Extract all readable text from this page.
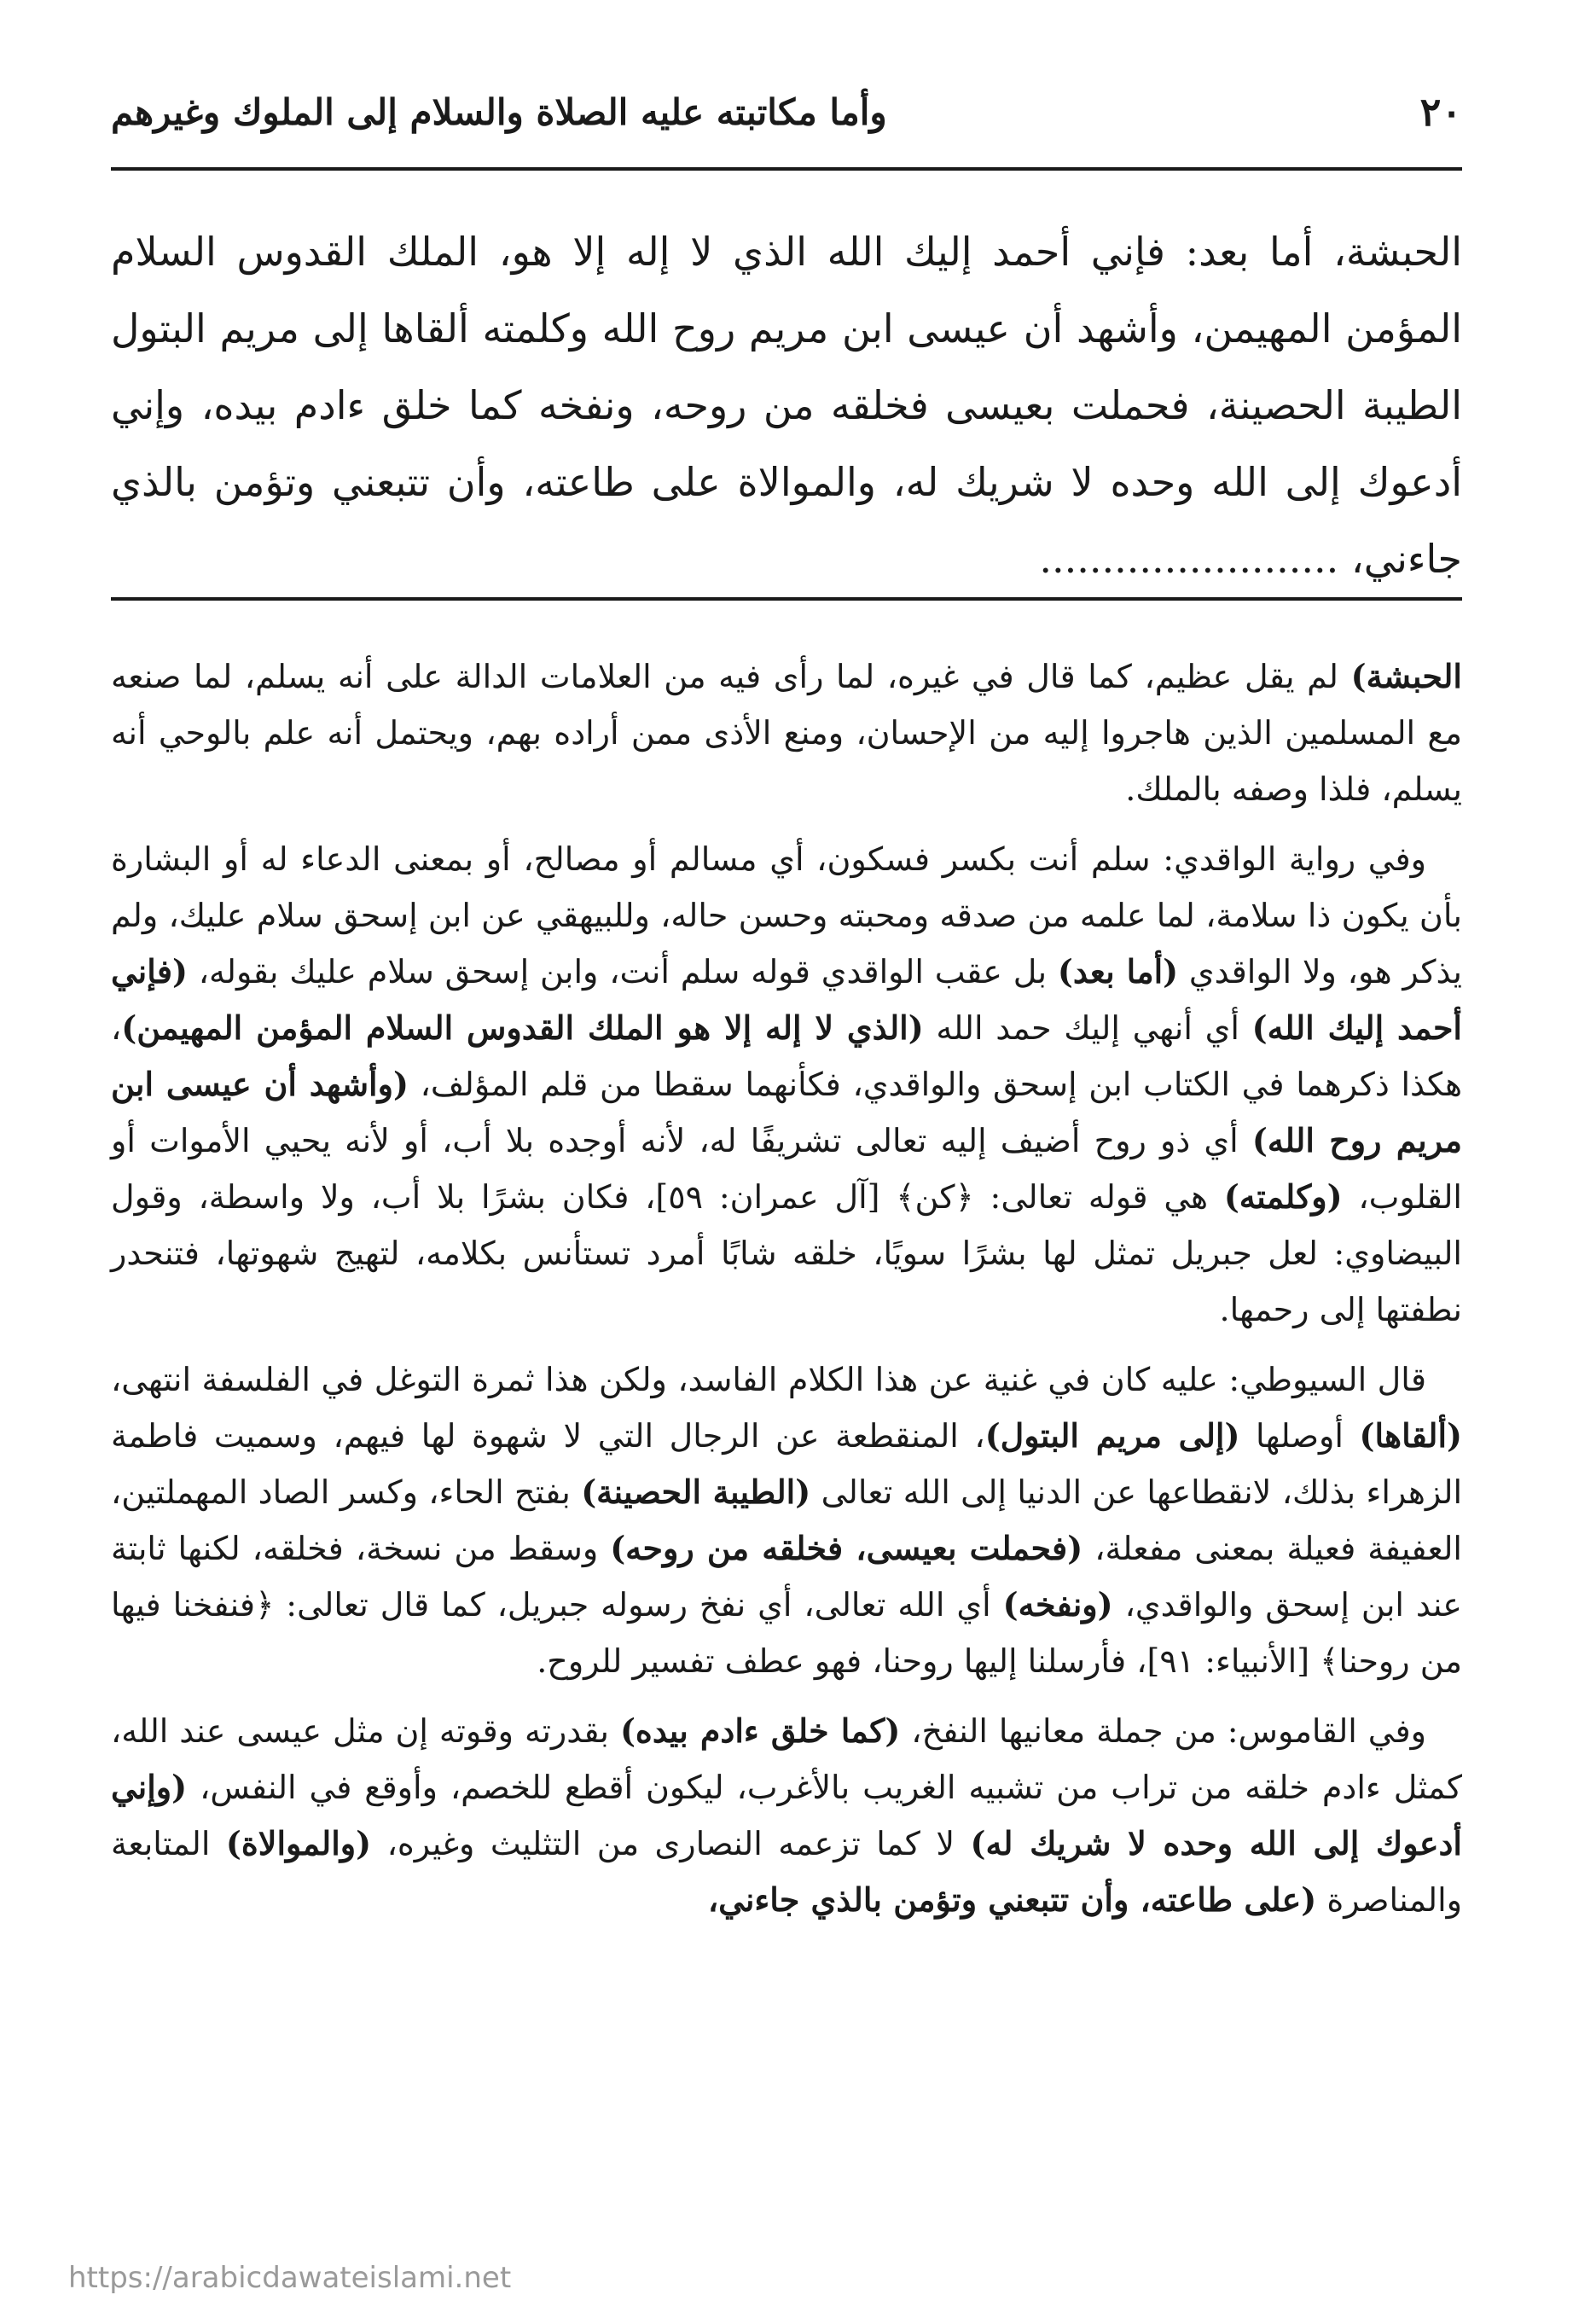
٢٠
وأما مكاتبته عليه الصلاة والسلام إلى الملوك وغيرهم

الحبشة، أما بعد: فإني أحمد إليك الله الذي لا إله إلا هو، الملك القدوس السلام المؤمن المهيمن، وأشهد أن عيسى ابن مريم روح الله وكلمته ألقاها إلى مريم البتول الطيبة الحصينة، فحملت بعيسى فخلقه من روحه، ونفخه كما خلق ءادم بيده، وإني أدعوك إلى الله وحده لا شريك له، والموالاة على طاعته، وأن تتبعني وتؤمن بالذي جاءني، ........................

الحبشة) لم يقل عظيم، كما قال في غيره، لما رأى فيه من العلامات الدالة على أنه يسلم، لما صنعه مع المسلمين الذين هاجروا إليه من الإحسان، ومنع الأذى ممن أراده بهم، ويحتمل أنه علم بالوحي أنه يسلم، فلذا وصفه بالملك.

وفي رواية الواقدي: سلم أنت بكسر فسكون، أي مسالم أو مصالح، أو بمعنى الدعاء له أو البشارة بأن يكون ذا سلامة، لما علمه من صدقه ومحبته وحسن حاله، وللبيهقي عن ابن إسحق سلام عليك، ولم يذكر هو، ولا الواقدي (أما بعد) بل عقب الواقدي قوله سلم أنت، وابن إسحق سلام عليك بقوله، (فإني أحمد إليك الله) أي أنهي إليك حمد الله (الذي لا إله إلا هو الملك القدوس السلام المؤمن المهيمن)، هكذا ذكرهما في الكتاب ابن إسحق والواقدي، فكأنهما سقطا من قلم المؤلف، (وأشهد أن عيسى ابن مريم روح الله) أي ذو روح أضيف إليه تعالى تشريفًا له، لأنه أوجده بلا أب، أو لأنه يحيي الأموات أو القلوب، (وكلمته) هي قوله تعالى: ﴿كن﴾ [آل عمران: ٥٩]، فكان بشرًا بلا أب، ولا واسطة، وقول البيضاوي: لعل جبريل تمثل لها بشرًا سويًا، خلقه شابًا أمرد تستأنس بكلامه، لتهيج شهوتها، فتنحدر نطفتها إلى رحمها.

قال السيوطي: عليه كان في غنية عن هذا الكلام الفاسد، ولكن هذا ثمرة التوغل في الفلسفة انتهى، (ألقاها) أوصلها (إلى مريم البتول)، المنقطعة عن الرجال التي لا شهوة لها فيهم، وسميت فاطمة الزهراء بذلك، لانقطاعها عن الدنيا إلى الله تعالى (الطيبة الحصينة) بفتح الحاء، وكسر الصاد المهملتين، العفيفة فعيلة بمعنى مفعلة، (فحملت بعيسى، فخلقه من روحه) وسقط من نسخة، فخلقه، لكنها ثابتة عند ابن إسحق والواقدي، (ونفخه) أي الله تعالى، أي نفخ رسوله جبريل، كما قال تعالى: ﴿فنفخنا فيها من روحنا﴾ [الأنبياء: ٩١]، فأرسلنا إليها روحنا، فهو عطف تفسير للروح.

وفي القاموس: من جملة معانيها النفخ، (كما خلق ءادم بيده) بقدرته وقوته إن مثل عيسى عند الله، كمثل ءادم خلقه من تراب من تشبيه الغريب بالأغرب، ليكون أقطع للخصم، وأوقع في النفس، (وإني أدعوك إلى الله وحده لا شريك له) لا كما تزعمه النصارى من التثليث وغيره، (والموالاة) المتابعة والمناصرة (على طاعته، وأن تتبعني وتؤمن بالذي جاءني،

https://arabicdawateislami.net
